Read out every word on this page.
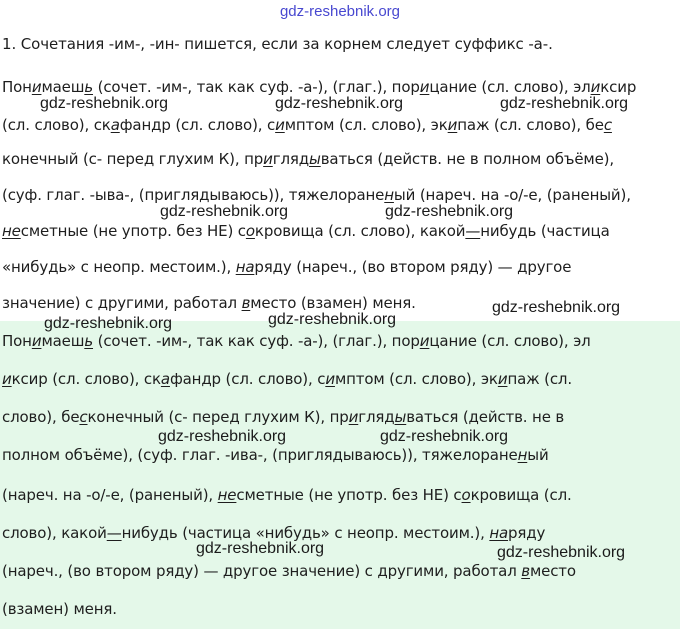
gdz-reshebnik.org
1. Сочетания -им-, -ин- пишется, если за корнем следует суффикс -а-.
Понимаешь (сочет. -им-, так как суф. -а-), (глаг.), порицание (сл. слово), эликсир
(сл. слово), скафандр (сл. слово), симптом (сл. слово), экипаж (сл. слово), бес
конечный (с- перед глухим К), приглядываться (действ. не в полном объёме),
(суф. глаг. -ыва-, (приглядываюсь)), тяжелораненый (нареч. на -о/-е, (раненый),
несметные (не употр. без НЕ) сокровища (сл. слово), какой—нибудь (частица
«нибудь» с неопр. местоим.), наряду (нареч., (во втором ряду) — другое
значение) с другими, работал вместо (взамен) меня.
Понимаешь (сочет. -им-, так как суф. -а-), (глаг.), порицание (сл. слово), эл
иксир (сл. слово), скафандр (сл. слово), симптом (сл. слово), экипаж (сл.
слово), бесконечный (с- перед глухим К), приглядываться (действ. не в
полном объёме), (суф. глаг. -ива-, (приглядываюсь)), тяжелораненый
(нареч. на -о/-е, (раненый), несметные (не употр. без НЕ) сокровища (сл.
слово), какой—нибудь (частица «нибудь» с неопр. местоим.), наряду
(нареч., (во втором ряду) — другое значение) с другими, работал вместо
(взамен) меня.
gdz-reshebnik.org	gdz-reshebnik.org	gdz-reshebnik.org
gdz-reshebnik.org	gdz-reshebnik.org
gdz-reshebnik.org
gdz-reshebnik.org	gdz-reshebnik.org
gdz-reshebnik.org	gdz-reshebnik.org
gdz-reshebnik.org	gdz-reshebnik.org
